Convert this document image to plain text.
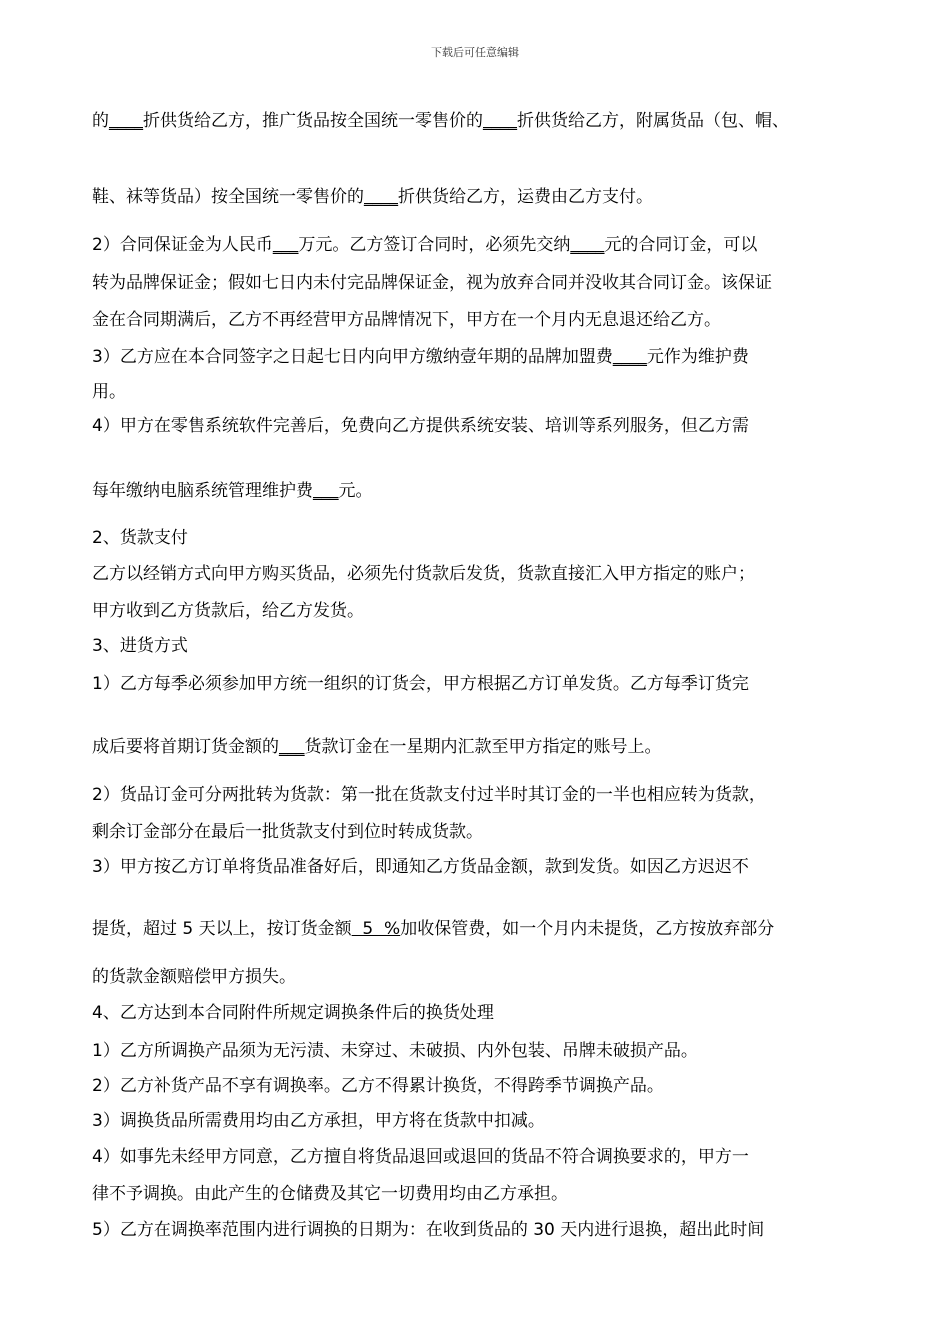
下载后可任意编辑
的____折供货给乙方，推广货品按全国统一零售价的____折供货给乙方，附属货品（包、帽、
鞋、袜等货品）按全国统一零售价的____折供货给乙方，运费由乙方支付。
2）合同保证金为人民币___万元。乙方签订合同时，必须先交纳____元的合同订金，可以
转为品牌保证金；假如七日内未付完品牌保证金，视为放弃合同并没收其合同订金。该保证
金在合同期满后，乙方不再经营甲方品牌情况下，甲方在一个月内无息退还给乙方。
3）乙方应在本合同签字之日起七日内向甲方缴纳壹年期的品牌加盟费____元作为维护费
用。
4）甲方在零售系统软件完善后，免费向乙方提供系统安装、培训等系列服务，但乙方需
每年缴纳电脑系统管理维护费___元。
2、货款支付
乙方以经销方式向甲方购买货品，必须先付货款后发货，货款直接汇入甲方指定的账户；
甲方收到乙方货款后，给乙方发货。
3、进货方式
1）乙方每季必须参加甲方统一组织的订货会，甲方根据乙方订单发货。乙方每季订货完
成后要将首期订货金额的___货款订金在一星期内汇款至甲方指定的账号上。
2）货品订金可分两批转为货款：第一批在货款支付过半时其订金的一半也相应转为货款，
剩余订金部分在最后一批货款支付到位时转成货款。
3）甲方按乙方订单将货品准备好后，即通知乙方货品金额，款到发货。如因乙方迟迟不
提货，超过 5 天以上，按订货金额  5  %加收保管费，如一个月内未提货，乙方按放弃部分
的货款金额赔偿甲方损失。
4、乙方达到本合同附件所规定调换条件后的换货处理
1）乙方所调换产品须为无污渍、未穿过、未破损、内外包装、吊牌未破损产品。
2）乙方补货产品不享有调换率。乙方不得累计换货，不得跨季节调换产品。
3）调换货品所需费用均由乙方承担，甲方将在货款中扣减。
4）如事先未经甲方同意，乙方擅自将货品退回或退回的货品不符合调换要求的，甲方一
律不予调换。由此产生的仓储费及其它一切费用均由乙方承担。
5）乙方在调换率范围内进行调换的日期为：在收到货品的 30 天内进行退换，超出此时间
